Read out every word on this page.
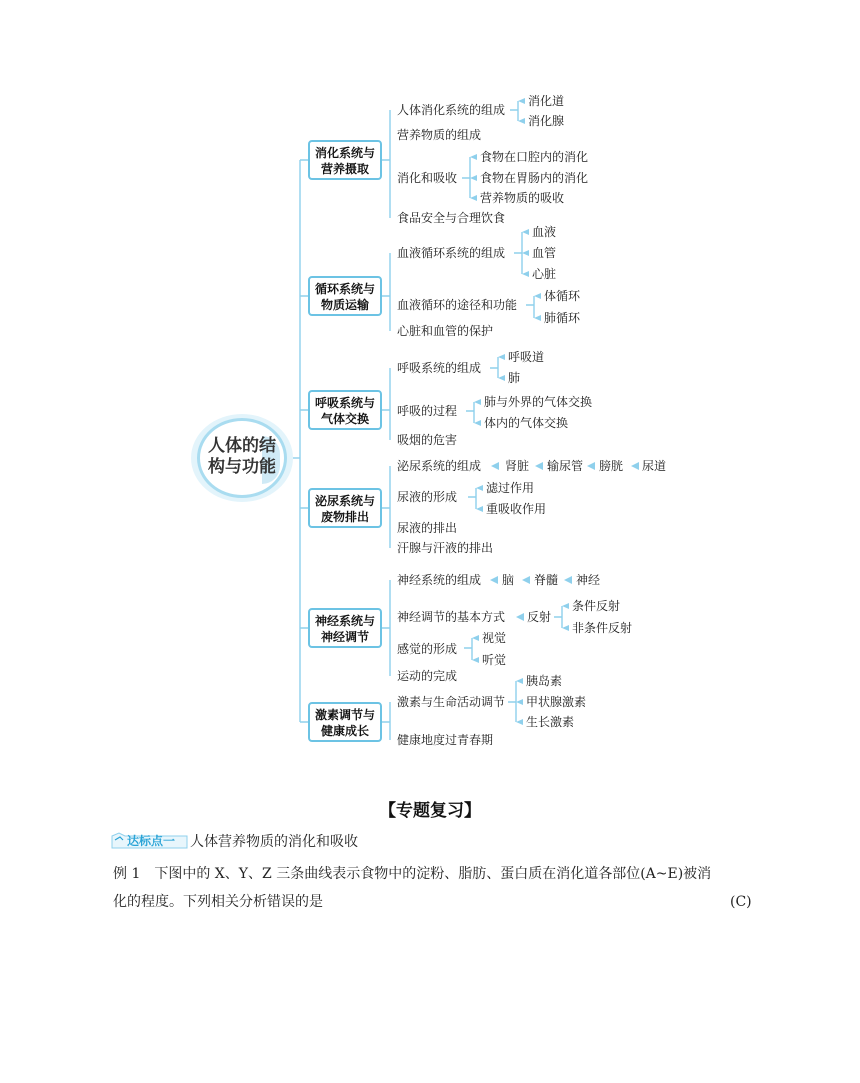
人体的结
构与功能
消化系统与
营养摄取
循环系统与
物质运输
呼吸系统与
气体交换
泌尿系统与
废物排出
神经系统与
神经调节
激素调节与
健康成长
人体消化系统的组成
消化道
消化腺
营养物质的组成
消化和吸收
食物在口腔内的消化
食物在胃肠内的消化
营养物质的吸收
食品安全与合理饮食
血液循环系统的组成
血液
血管
心脏
血液循环的途径和功能
体循环
肺循环
心脏和血管的保护
呼吸系统的组成
呼吸道
肺
呼吸的过程
肺与外界的气体交换
体内的气体交换
吸烟的危害
泌尿系统的组成 肾脏 输尿管 膀胱 尿道
尿液的形成
滤过作用
重吸收作用
尿液的排出
汗腺与汗液的排出
神经系统的组成 脑 脊髓 神经
神经调节的基本方式 反射
条件反射
非条件反射
感觉的形成
视觉
听觉
运动的完成
激素与生命活动调节
胰岛素
甲状腺激素
生长激素
健康地度过青春期
【专题复习】
达标点一 人体营养物质的消化和吸收
例 1　下图中的 X、Y、Z 三条曲线表示食物中的淀粉、脂肪、蛋白质在消化道各部位(A~E)被消
化的程度。下列相关分析错误的是	(C)
